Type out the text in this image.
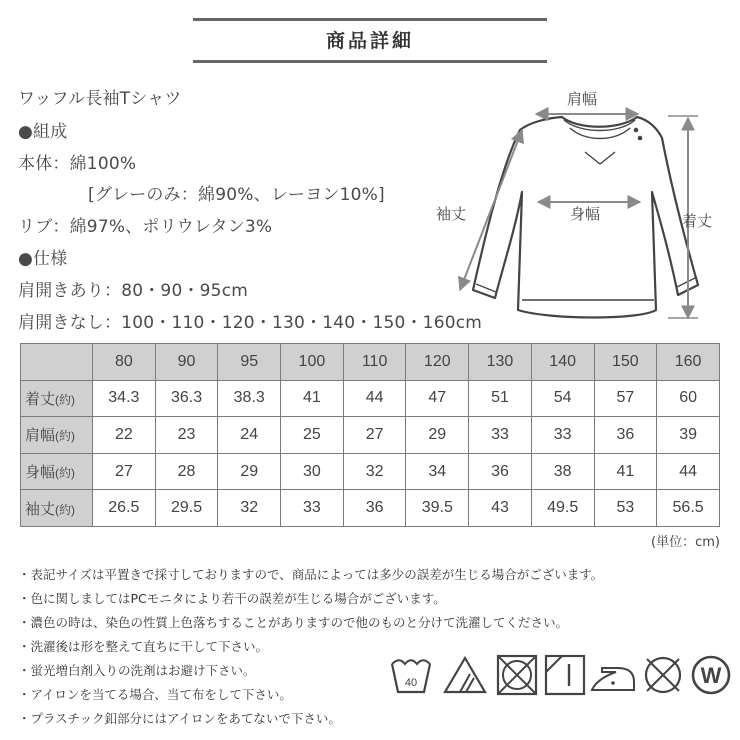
商品詳細
ワッフル長袖Tシャツ
●組成
本体：綿100%
[グレーのみ：綿90%、レーヨン10%]
リブ：綿97%、ポリウレタン3%
●仕様
肩開きあり：80・90・95cm
肩開きなし：100・110・120・130・140・150・160cm
肩幅
身幅
袖丈	着丈
	80	90	95	100	110	120	130	140	150	160
着丈(約)	34.3	36.3	38.3	41	44	47	51	54	57	60
肩幅(約)	22	23	24	25	27	29	33	33	36	39
身幅(約)	27	28	29	30	32	34	36	38	41	44
袖丈(約)	26.5	29.5	32	33	36	39.5	43	49.5	53	56.5
(単位：cm)
・表記サイズは平置きで採寸しておりますので、商品によっては多少の誤差が生じる場合がございます。
・色に関しましてはPCモニタにより若干の誤差が生じる場合がございます。
・濃色の時は、染色の性質上色落ちすることがありますので他のものと分けて洗濯してください。
・洗濯後は形を整えて直ちに干して下さい。
・蛍光増白剤入りの洗剤はお避け下さい。
・アイロンを当てる場合、当て布をして下さい。
・プラスチック釦部分にはアイロンをあてないで下さい。
40	W
